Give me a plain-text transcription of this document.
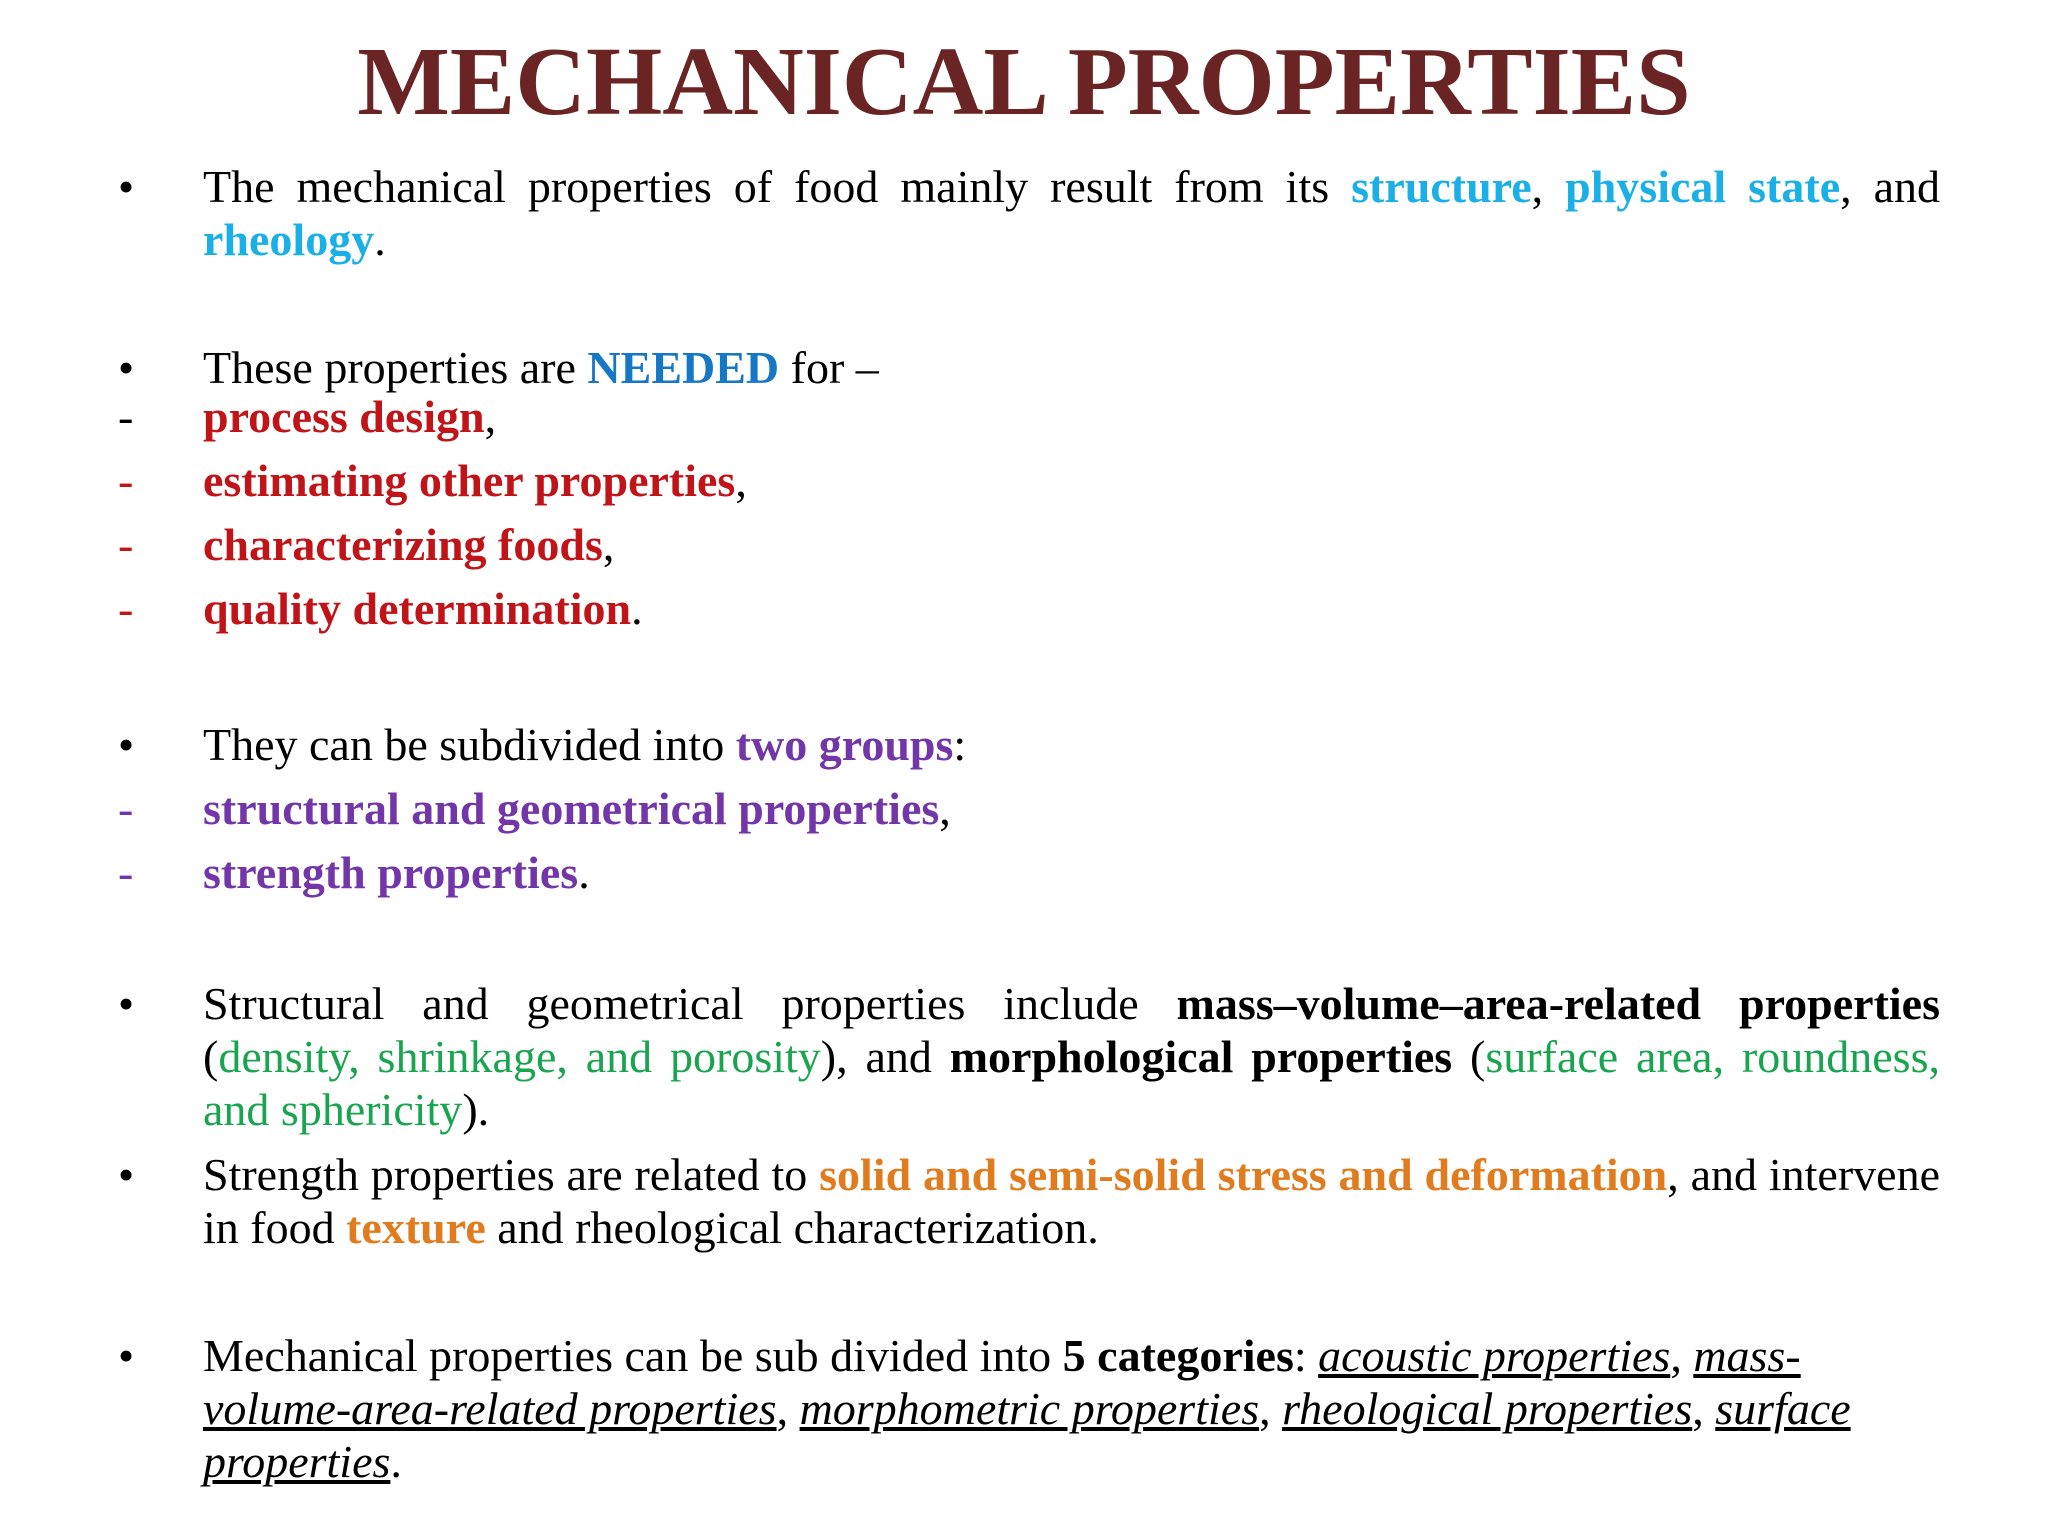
MECHANICAL PROPERTIES
•	The mechanical properties of food mainly result from its structure, physical state, and rheology.
•	These properties are NEEDED for –
-	process design,
-	estimating other properties,
-	characterizing foods,
-	quality determination.
•	They can be subdivided into two groups:
-	structural and geometrical properties,
-	strength properties.
•	Structural and geometrical properties include mass–volume–area-related properties (density, shrinkage, and porosity), and morphological properties (surface area, roundness, and sphericity).
•	Strength properties are related to solid and semi-solid stress and deformation, and intervene in food texture and rheological characterization.
•	Mechanical properties can be sub divided into 5 categories: acoustic properties, mass-volume-area-related properties, morphometric properties, rheological properties, surface properties.
